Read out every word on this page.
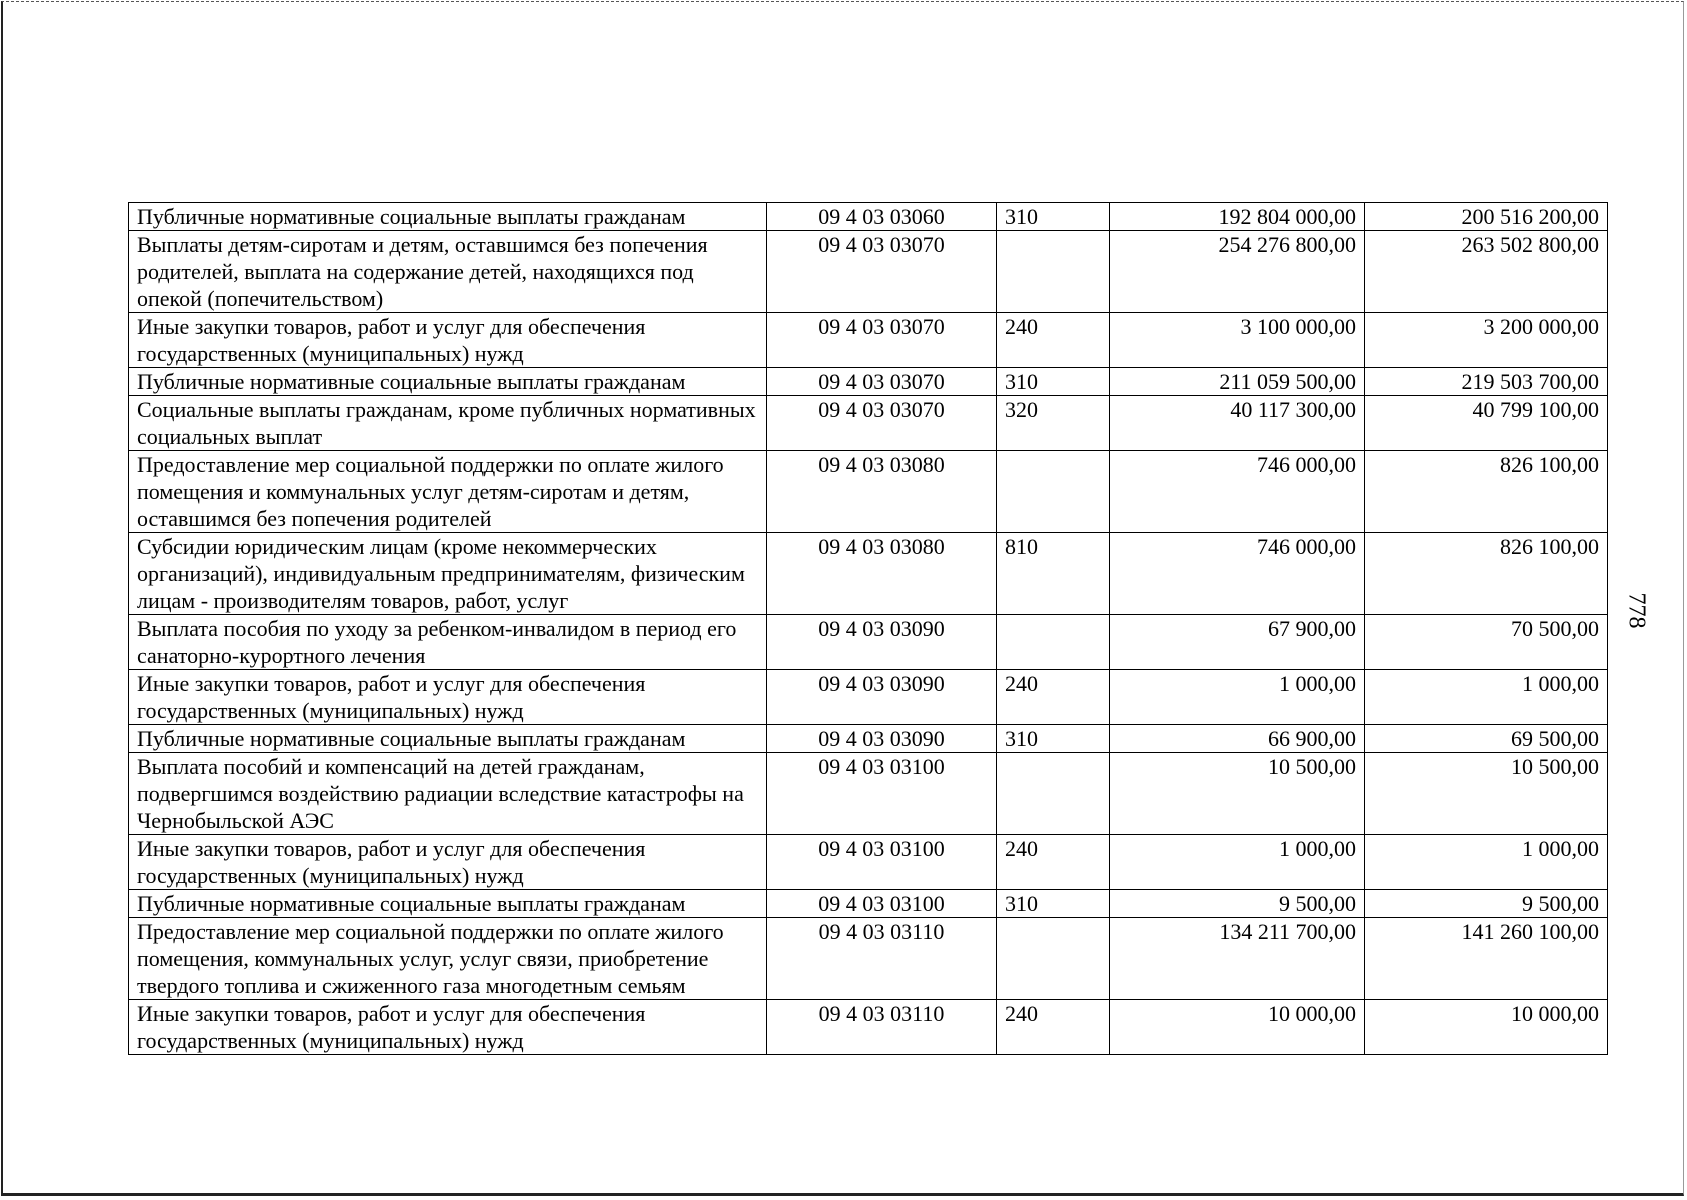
Публичные нормативные социальные выплаты гражданам	09 4 03 03060	310	192 804 000,00	200 516 200,00
Выплаты детям-сиротам и детям, оставшимся без попечения родителей, выплата на содержание детей, находящихся под опекой (попечительством)	09 4 03 03070		254 276 800,00	263 502 800,00
Иные закупки товаров, работ и услуг для обеспечения государственных (муниципальных) нужд	09 4 03 03070	240	3 100 000,00	3 200 000,00
Публичные нормативные социальные выплаты гражданам	09 4 03 03070	310	211 059 500,00	219 503 700,00
Социальные выплаты гражданам, кроме публичных нормативных социальных выплат	09 4 03 03070	320	40 117 300,00	40 799 100,00
Предоставление мер социальной поддержки по оплате жилого помещения и коммунальных услуг детям-сиротам и детям, оставшимся без попечения родителей	09 4 03 03080		746 000,00	826 100,00
Субсидии юридическим лицам (кроме некоммерческих организаций), индивидуальным предпринимателям, физическим лицам - производителям товаров, работ, услуг	09 4 03 03080	810	746 000,00	826 100,00
Выплата пособия по уходу за ребенком-инвалидом в период его санаторно-курортного лечения	09 4 03 03090		67 900,00	70 500,00
Иные закупки товаров, работ и услуг для обеспечения государственных (муниципальных) нужд	09 4 03 03090	240	1 000,00	1 000,00
Публичные нормативные социальные выплаты гражданам	09 4 03 03090	310	66 900,00	69 500,00
Выплата пособий и компенсаций на детей гражданам, подвергшимся воздействию радиации вследствие катастрофы на Чернобыльской АЭС	09 4 03 03100		10 500,00	10 500,00
Иные закупки товаров, работ и услуг для обеспечения государственных (муниципальных) нужд	09 4 03 03100	240	1 000,00	1 000,00
Публичные нормативные социальные выплаты гражданам	09 4 03 03100	310	9 500,00	9 500,00
Предоставление мер социальной поддержки по оплате жилого помещения, коммунальных услуг, услуг связи, приобретение твердого топлива и сжиженного газа многодетным семьям	09 4 03 03110		134 211 700,00	141 260 100,00
Иные закупки товаров, работ и услуг для обеспечения государственных (муниципальных) нужд	09 4 03 03110	240	10 000,00	10 000,00
778
